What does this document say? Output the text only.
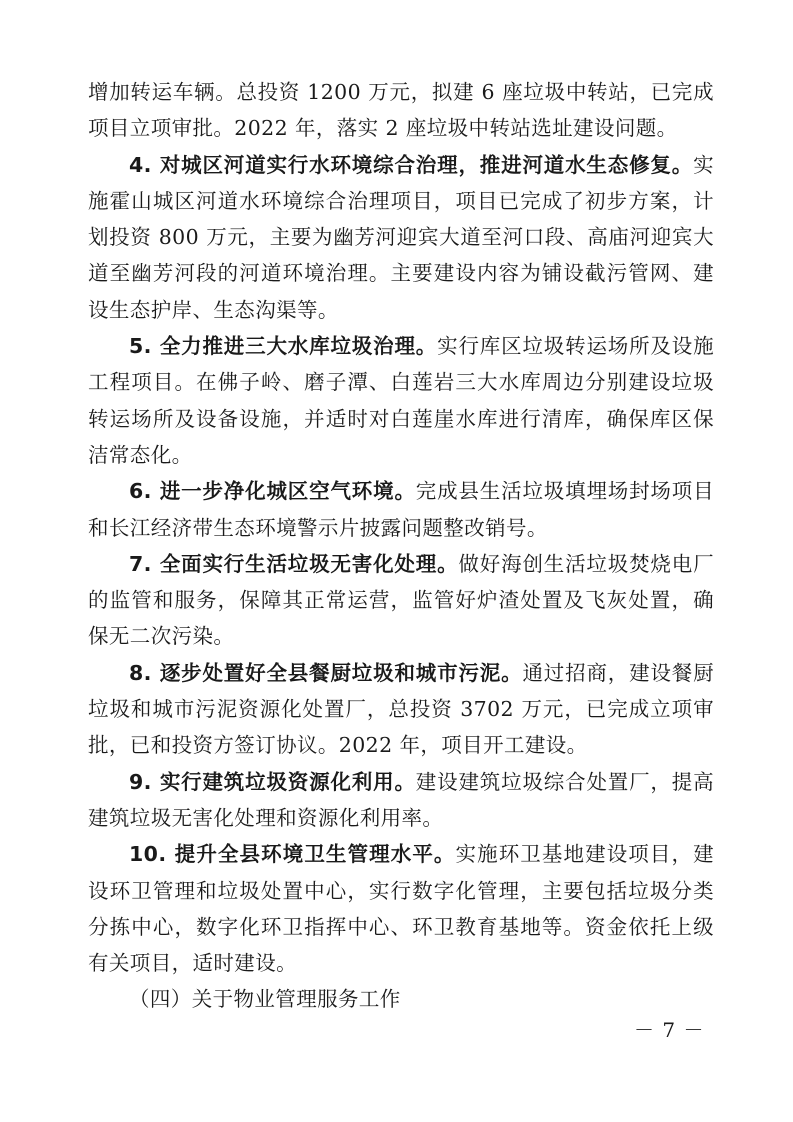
增加转运车辆。总投资 1200 万元，拟建 6 座垃圾中转站，已完成项目立项审批。2022 年，落实 2 座垃圾中转站选址建设问题。

4. 对城区河道实行水环境综合治理，推进河道水生态修复。实施霍山城区河道水环境综合治理项目，项目已完成了初步方案，计划投资 800 万元，主要为幽芳河迎宾大道至河口段、高庙河迎宾大道至幽芳河段的河道环境治理。主要建设内容为铺设截污管网、建设生态护岸、生态沟渠等。

5. 全力推进三大水库垃圾治理。实行库区垃圾转运场所及设施工程项目。在佛子岭、磨子潭、白莲岩三大水库周边分别建设垃圾转运场所及设备设施，并适时对白莲崖水库进行清库，确保库区保洁常态化。

6. 进一步净化城区空气环境。完成县生活垃圾填埋场封场项目和长江经济带生态环境警示片披露问题整改销号。

7. 全面实行生活垃圾无害化处理。做好海创生活垃圾焚烧电厂的监管和服务，保障其正常运营，监管好炉渣处置及飞灰处置，确保无二次污染。

8. 逐步处置好全县餐厨垃圾和城市污泥。通过招商，建设餐厨垃圾和城市污泥资源化处置厂，总投资 3702 万元，已完成立项审批，已和投资方签订协议。2022 年，项目开工建设。

9. 实行建筑垃圾资源化利用。建设建筑垃圾综合处置厂，提高建筑垃圾无害化处理和资源化利用率。

10. 提升全县环境卫生管理水平。实施环卫基地建设项目，建设环卫管理和垃圾处置中心，实行数字化管理，主要包括垃圾分类分拣中心，数字化环卫指挥中心、环卫教育基地等。资金依托上级有关项目，适时建设。

（四）关于物业管理服务工作

－ 7 －
